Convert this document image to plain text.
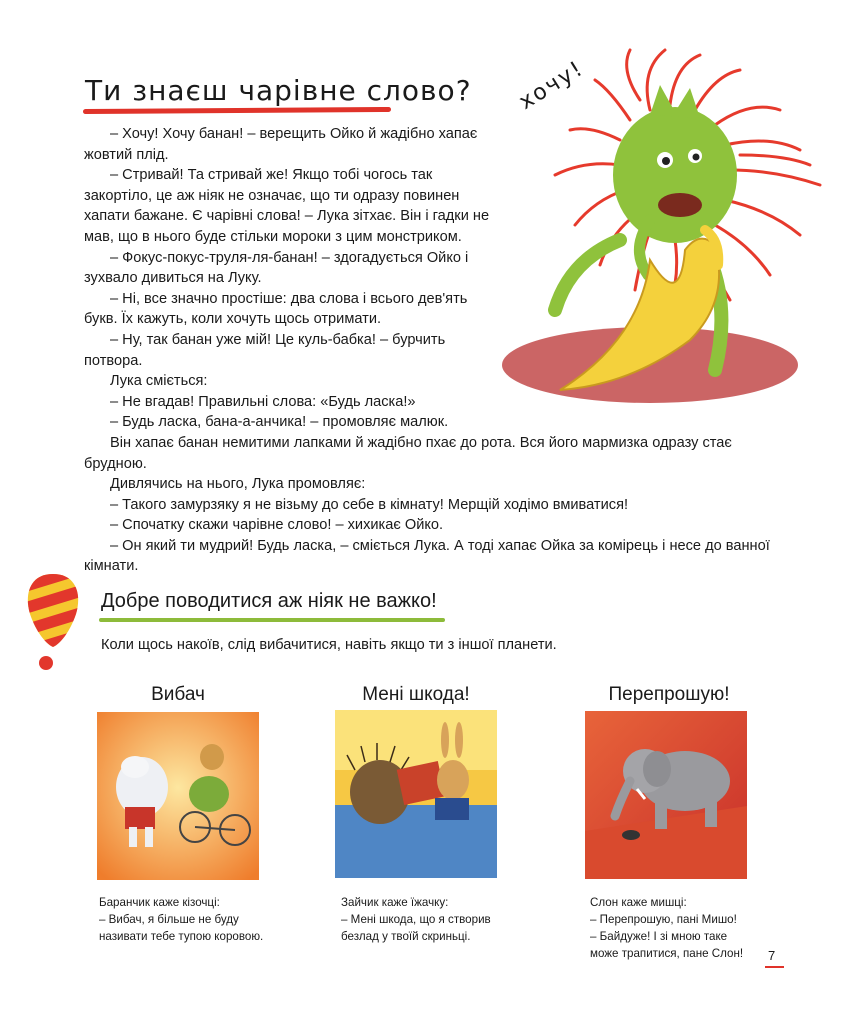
Ти знаєш чарівне слово? хочу!

– Хочу! Хочу банан! – верещить Ойко й жадібно хапає жовтий плід.

– Стривай! Та стривай же! Якщо тобі чогось так закортіло, це аж ніяк не означає, що ти одразу повинен хапати бажане. Є чарівні слова! – Лука зітхає. Він і гадки не мав, що в нього буде стільки мороки з цим монстриком.

– Фокус-покус-труля-ля-банан! – здогадується Ойко і зухвало дивиться на Луку.

– Ні, все значно простіше: два слова і всього дев'ять букв. Їх кажуть, коли хочуть щось отримати.

– Ну, так банан уже мій! Це куль-бабка! – бурчить потвора.

Лука сміється:

– Не вгадав! Правильні слова: «Будь ласка!»

– Будь ласка, бана-а-анчика! – промовляє малюк.

Він хапає банан немитими лапками й жадібно пхає до рота. Вся його мармизка одразу стає брудною.

Дивлячись на нього, Лука промовляє:

– Такого замурзяку я не візьму до себе в кімнату! Мерщій ходімо вмиватися!

– Спочатку скажи чарівне слово! – хихикає Ойко.

– Он який ти мудрий! Будь ласка, – сміється Лука. А тоді хапає Ойка за комірець і несе до ванної кімнати.

Добре поводитися аж ніяк не важко!
Коли щось накоїв, слід вибачитися, навіть якщо ти з іншої планети.
Вибач
Баранчик каже кізочці:
– Вибач, я більше не буду
називати тебе тупою коровою.
Мені шкода!
Зайчик каже їжачку:
– Мені шкода, що я створив
безлад у твоїй скриньці.
Перепрошую!
Слон каже мишці:
– Перепрошую, пані Мишо!
– Байдуже! І зі мною таке
може трапитися, пане Слон!	7
